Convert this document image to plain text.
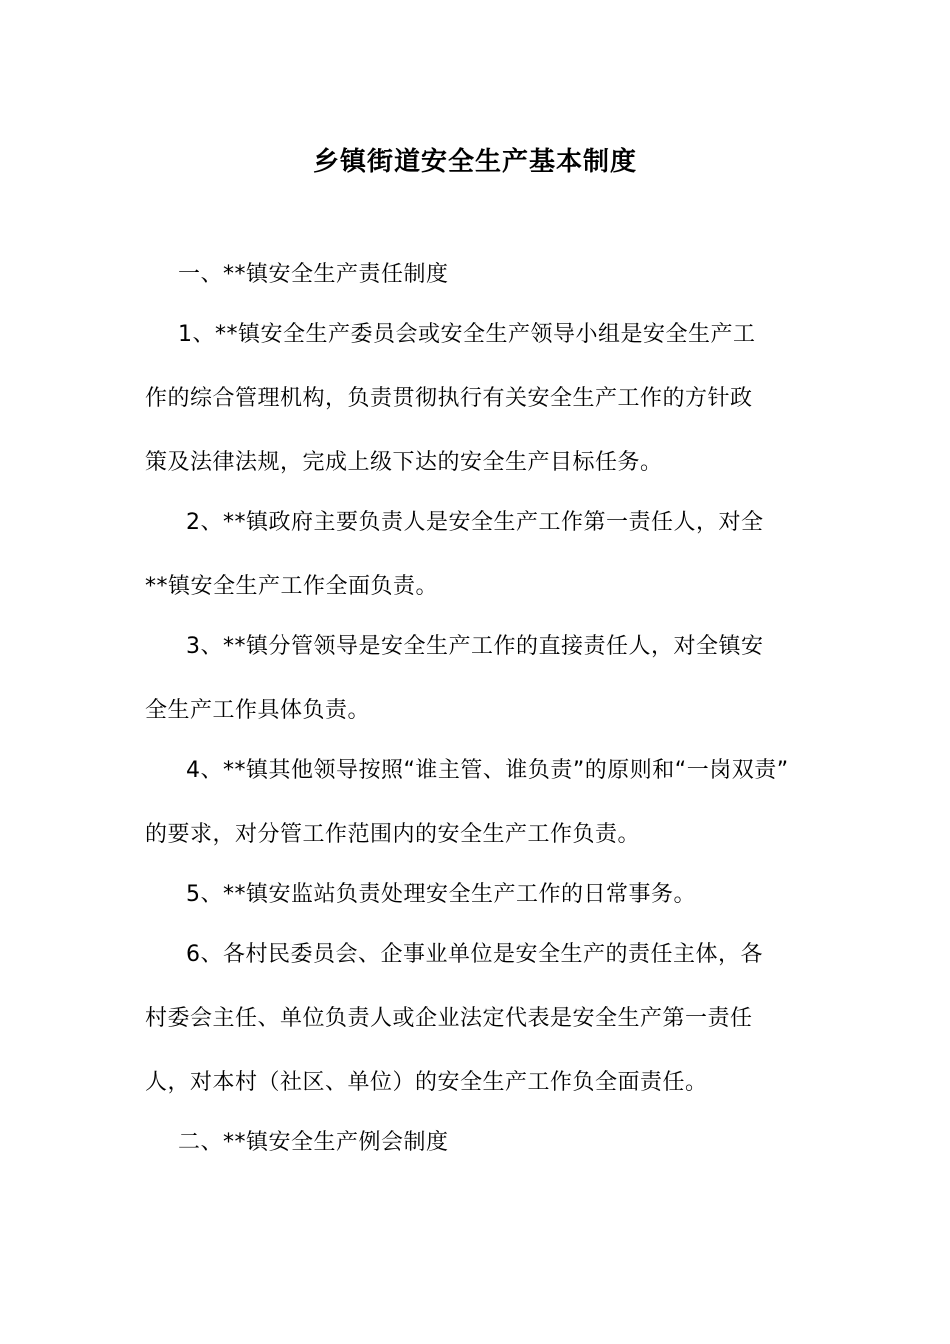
乡镇街道安全生产基本制度
一、**镇安全生产责任制度
1、**镇安全生产委员会或安全生产领导小组是安全生产工
作的综合管理机构，负责贯彻执行有关安全生产工作的方针政
策及法律法规，完成上级下达的安全生产目标任务。
2、**镇政府主要负责人是安全生产工作第一责任人，对全
**镇安全生产工作全面负责。
3、**镇分管领导是安全生产工作的直接责任人，对全镇安
全生产工作具体负责。
4、**镇其他领导按照“谁主管、谁负责”的原则和“一岗双责”
的要求，对分管工作范围内的安全生产工作负责。
5、**镇安监站负责处理安全生产工作的日常事务。
6、各村民委员会、企事业单位是安全生产的责任主体，各
村委会主任、单位负责人或企业法定代表是安全生产第一责任
人，对本村（社区、单位）的安全生产工作负全面责任。
二、**镇安全生产例会制度
